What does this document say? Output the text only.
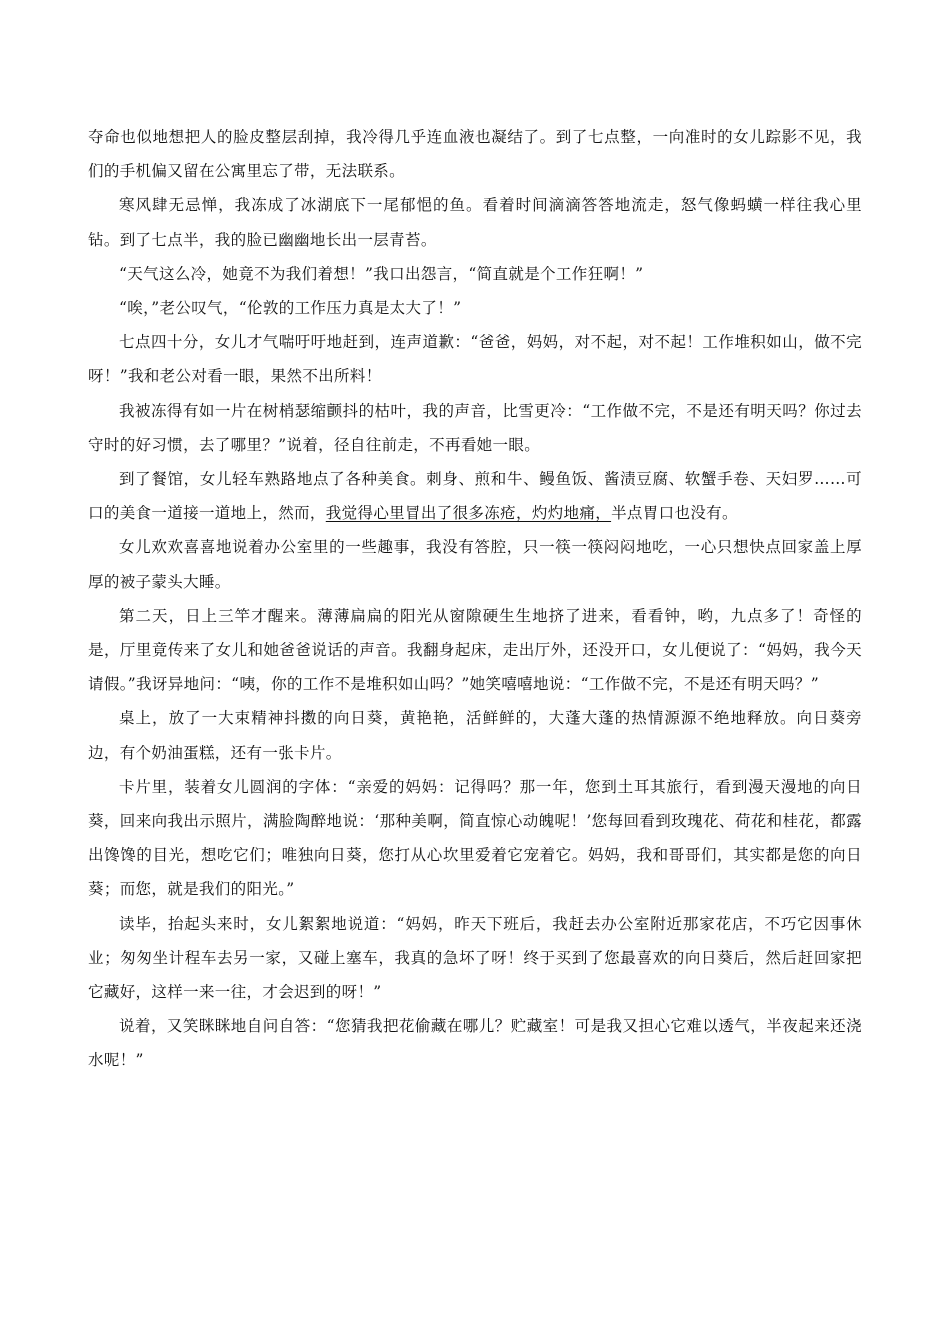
夺命也似地想把人的脸皮整层刮掉，我冷得几乎连血液也凝结了。到了七点整，一向准时的女儿踪影不见，我们的手机偏又留在公寓里忘了带，无法联系。

寒风肆无忌惮，我冻成了冰湖底下一尾郁悒的鱼。看着时间滴滴答答地流走，怒气像蚂蟥一样往我心里钻。到了七点半，我的脸已幽幽地长出一层青苔。

“天气这么冷，她竟不为我们着想！”我口出怨言，“简直就是个工作狂啊！”

“唉，”老公叹气，“伦敦的工作压力真是太大了！”

七点四十分，女儿才气喘吁吁地赶到，连声道歉：“爸爸，妈妈，对不起，对不起！工作堆积如山，做不完呀！”我和老公对看一眼，果然不出所料！

我被冻得有如一片在树梢瑟缩颤抖的枯叶，我的声音，比雪更冷：“工作做不完，不是还有明天吗？你过去守时的好习惯，去了哪里？”说着，径自往前走，不再看她一眼。

到了餐馆，女儿轻车熟路地点了各种美食。刺身、煎和牛、鳗鱼饭、酱渍豆腐、软蟹手卷、天妇罗……可口的美食一道接一道地上，然而，我觉得心里冒出了很多冻疮，灼灼地痛，半点胃口也没有。

女儿欢欢喜喜地说着办公室里的一些趣事，我没有答腔，只一筷一筷闷闷地吃，一心只想快点回家盖上厚厚的被子蒙头大睡。

第二天，日上三竿才醒来。薄薄扁扁的阳光从窗隙硬生生地挤了进来，看看钟，哟，九点多了！奇怪的是，厅里竟传来了女儿和她爸爸说话的声音。我翻身起床，走出厅外，还没开口，女儿便说了：“妈妈，我今天请假。”我讶异地问：“咦，你的工作不是堆积如山吗？”她笑嘻嘻地说：“工作做不完，不是还有明天吗？”

桌上，放了一大束精神抖擞的向日葵，黄艳艳，活鲜鲜的，大蓬大蓬的热情源源不绝地释放。向日葵旁边，有个奶油蛋糕，还有一张卡片。

卡片里，装着女儿圆润的字体：“亲爱的妈妈：记得吗？那一年，您到土耳其旅行，看到漫天漫地的向日葵，回来向我出示照片，满脸陶醉地说：‘那种美啊，简直惊心动魄呢！’您每回看到玫瑰花、荷花和桂花，都露出馋馋的目光，想吃它们；唯独向日葵，您打从心坎里爱着它宠着它。妈妈，我和哥哥们，其实都是您的向日葵；而您，就是我们的阳光。”

读毕，抬起头来时，女儿絮絮地说道：“妈妈，昨天下班后，我赶去办公室附近那家花店，不巧它因事休业；匆匆坐计程车去另一家，又碰上塞车，我真的急坏了呀！终于买到了您最喜欢的向日葵后，然后赶回家把它藏好，这样一来一往，才会迟到的呀！”

说着，又笑眯眯地自问自答：“您猜我把花偷藏在哪儿？贮藏室！可是我又担心它难以透气，半夜起来还浇水呢！”
